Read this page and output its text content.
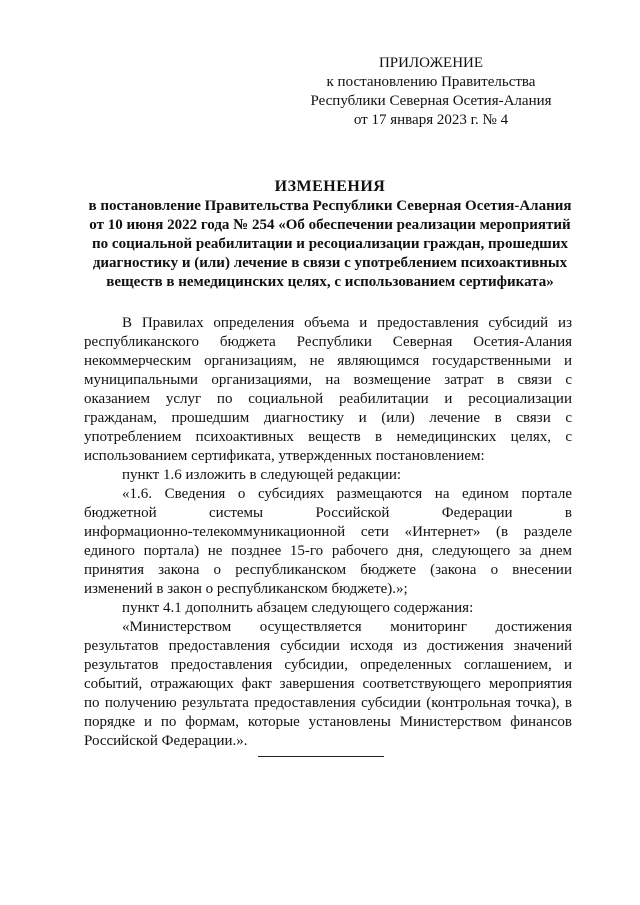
ПРИЛОЖЕНИЕ
к постановлению Правительства
Республики Северная Осетия-Алания
от 17 января 2023 г. № 4
ИЗМЕНЕНИЯ
в постановление Правительства Республики Северная Осетия-Алания
от 10 июня 2022 года № 254 «Об обеспечении реализации мероприятий
по социальной реабилитации и ресоциализации граждан, прошедших
диагностику и (или) лечение в связи с употреблением психоактивных
веществ в немедицинских целях, с использованием сертификата»
В Правилах определения объема и предоставления субсидий из
республиканского бюджета Республики Северная Осетия-Алания
некоммерческим организациям, не являющимся государственными и
муниципальными организациями, на возмещение затрат в связи с
оказанием услуг по социальной реабилитации и ресоциализации
гражданам, прошедшим диагностику и (или) лечение в связи с
употреблением психоактивных веществ в немедицинских целях, с
использованием сертификата, утвержденных постановлением:
пункт 1.6 изложить в следующей редакции:
«1.6. Сведения о субсидиях размещаются на едином портале
бюджетной системы Российской Федерации в
информационно-телекоммуникационной сети «Интернет» (в разделе
единого портала) не позднее 15-го рабочего дня, следующего за днем
принятия закона о республиканском бюджете (закона о внесении
изменений в закон о республиканском бюджете).»;
пункт 4.1 дополнить абзацем следующего содержания:
«Министерством осуществляется мониторинг достижения
результатов предоставления субсидии исходя из достижения значений
результатов предоставления субсидии, определенных соглашением, и
событий, отражающих факт завершения соответствующего мероприятия
по получению результата предоставления субсидии (контрольная точка), в
порядке и по формам, которые установлены Министерством финансов
Российской Федерации.».
